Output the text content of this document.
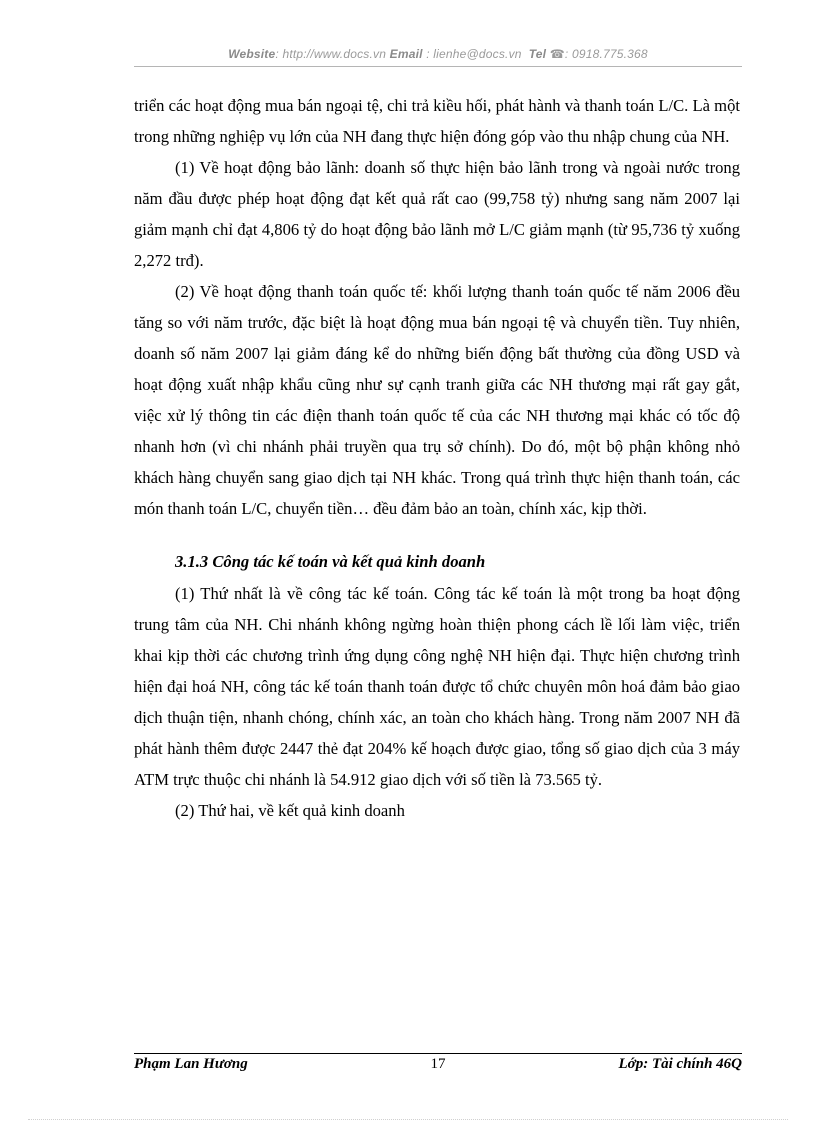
Website: http://www.docs.vn Email : lienhe@docs.vn Tel ☎: 0918.775.368

triển các hoạt động mua bán ngoại tệ, chi trả kiều hối, phát hành và thanh toán L/C. Là một trong những nghiệp vụ lớn của NH đang thực hiện đóng góp vào thu nhập chung của NH.

(1) Về hoạt động bảo lãnh: doanh số thực hiện bảo lãnh trong và ngoài nước trong năm đầu được phép hoạt động đạt kết quả rất cao (99,758 tỷ) nhưng sang năm 2007 lại giảm mạnh chỉ đạt 4,806 tỷ do hoạt động bảo lãnh mở L/C giảm mạnh (từ 95,736 tỷ xuống 2,272 trđ).

(2) Về hoạt động thanh toán quốc tế: khối lượng thanh toán quốc tế năm 2006 đều tăng so với năm trước, đặc biệt là hoạt động mua bán ngoại tệ và chuyển tiền. Tuy nhiên, doanh số năm 2007 lại giảm đáng kể do những biến động bất thường của đồng USD và hoạt động xuất nhập khẩu cũng như sự cạnh tranh giữa các NH thương mại rất gay gắt, việc xử lý thông tin các điện thanh toán quốc tế của các NH thương mại khác có tốc độ nhanh hơn (vì chi nhánh phải truyền qua trụ sở chính). Do đó, một bộ phận không nhỏ khách hàng chuyển sang giao dịch tại NH khác. Trong quá trình thực hiện thanh toán, các món thanh toán L/C, chuyển tiền… đều đảm bảo an toàn, chính xác, kịp thời.

3.1.3 Công tác kế toán và kết quả kinh doanh

(1) Thứ nhất là về công tác kế toán. Công tác kế toán là một trong ba hoạt động trung tâm của NH. Chi nhánh không ngừng hoàn thiện phong cách lề lối làm việc, triển khai kịp thời các chương trình ứng dụng công nghệ NH hiện đại. Thực hiện chương trình hiện đại hoá NH, công tác kế toán thanh toán được tổ chức chuyên môn hoá đảm bảo giao dịch thuận tiện, nhanh chóng, chính xác, an toàn cho khách hàng. Trong năm 2007 NH đã phát hành thêm được 2447 thẻ đạt 204% kế hoạch được giao, tổng số giao dịch của 3 máy ATM trực thuộc chi nhánh là 54.912 giao dịch với số tiền là 73.565 tỷ.

(2) Thứ hai, về kết quả kinh doanh

Phạm Lan Hương	17	Lớp: Tài chính 46Q
